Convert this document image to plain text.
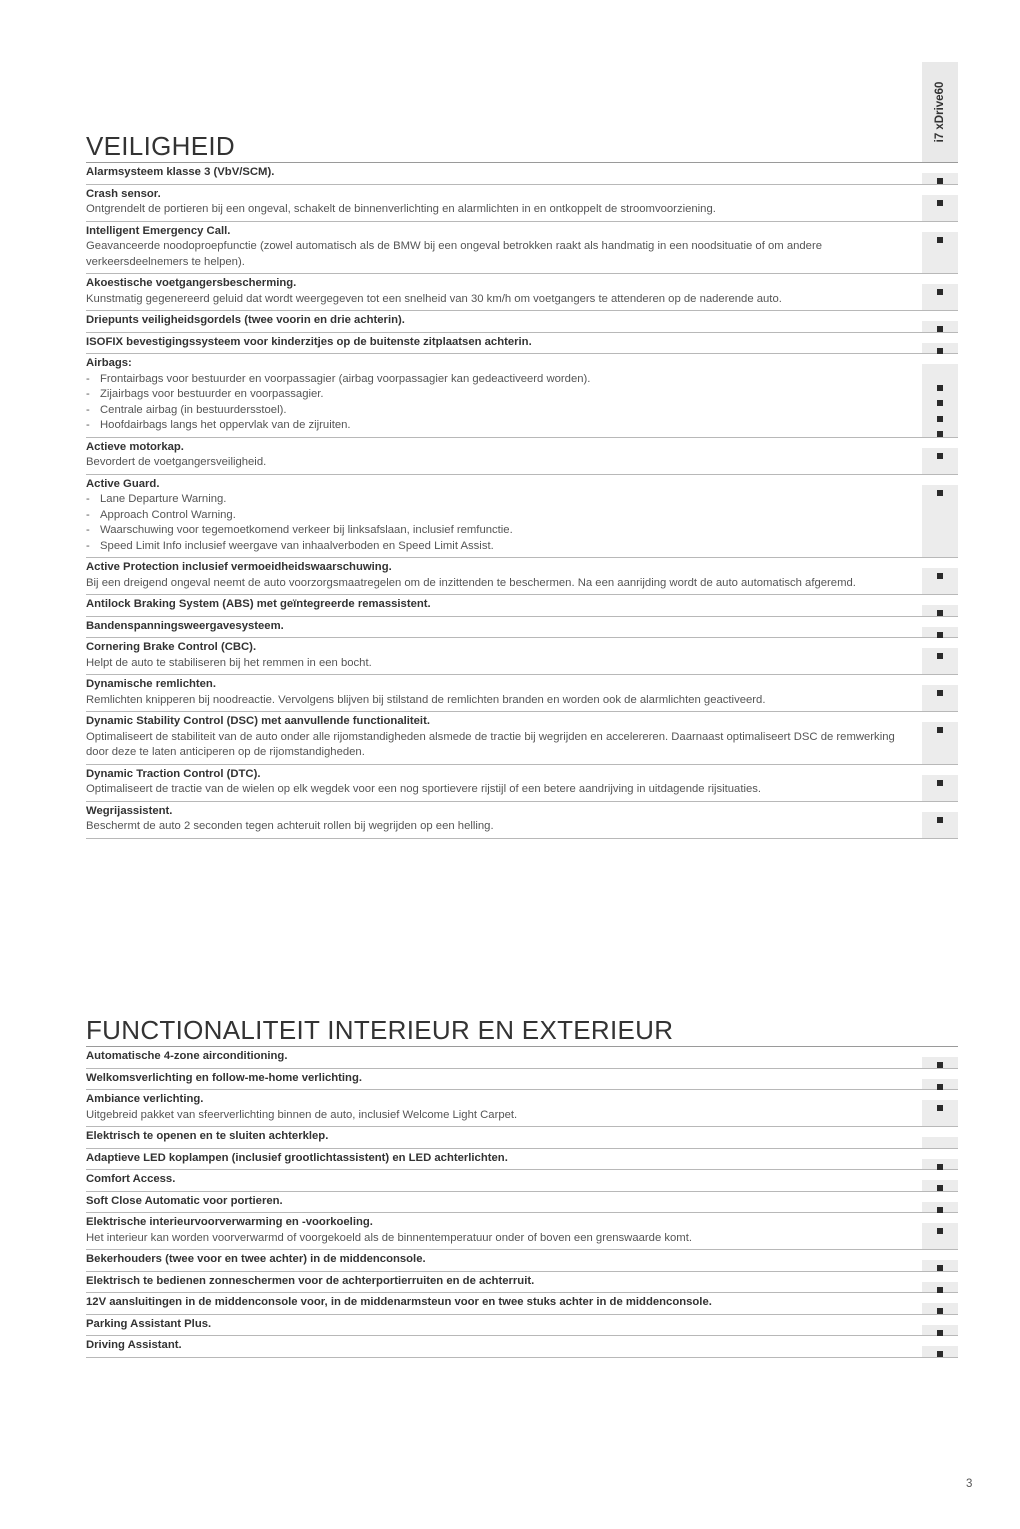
VEILIGHEID
i7 xDrive60
Alarmsysteem klasse 3 (VbV/SCM).
Crash sensor.
Ontgrendelt de portieren bij een ongeval, schakelt de binnenverlichting en alarmlichten in en ontkoppelt de stroomvoorziening.
Intelligent Emergency Call.
Geavanceerde noodoproepfunctie (zowel automatisch als de BMW bij een ongeval betrokken raakt als handmatig in een noodsituatie of om andere verkeersdeelnemers te helpen).
Akoestische voetgangersbescherming.
Kunstmatig gegenereerd geluid dat wordt weergegeven tot een snelheid van 30 km/h om voetgangers te attenderen op de naderende auto.
Driepunts veiligheidsgordels (twee voorin en drie achterin).
ISOFIX bevestigingssysteem voor kinderzitjes op de buitenste zitplaatsen achterin.
Airbags:
- Frontairbags voor bestuurder en voorpassagier (airbag voorpassagier kan gedeactiveerd worden).
- Zijairbags voor bestuurder en voorpassagier.
- Centrale airbag (in bestuurdersstoel).
- Hoofdairbags langs het oppervlak van de zijruiten.
Actieve motorkap.
Bevordert de voetgangersveiligheid.
Active Guard.
- Lane Departure Warning.
- Approach Control Warning.
- Waarschuwing voor tegemoetkomend verkeer bij linksafslaan, inclusief remfunctie.
- Speed Limit Info inclusief weergave van inhaalverboden en Speed Limit Assist.
Active Protection inclusief vermoeidheidswaarschuwing.
Bij een dreigend ongeval neemt de auto voorzorgsmaatregelen om de inzittenden te beschermen. Na een aanrijding wordt de auto automatisch afgeremd.
Antilock Braking System (ABS) met geïntegreerde remassistent.
Bandenspanningsweergavesysteem.
Cornering Brake Control (CBC).
Helpt de auto te stabiliseren bij het remmen in een bocht.
Dynamische remlichten.
Remlichten knipperen bij noodreactie. Vervolgens blijven bij stilstand de remlichten branden en worden ook de alarmlichten geactiveerd.
Dynamic Stability Control (DSC) met aanvullende functionaliteit.
Optimaliseert de stabiliteit van de auto onder alle rijomstandigheden alsmede de tractie bij wegrijden en accelereren. Daarnaast optimaliseert DSC de remwerking door deze te laten anticiperen op de rijomstandigheden.
Dynamic Traction Control (DTC).
Optimaliseert de tractie van de wielen op elk wegdek voor een nog sportievere rijstijl of een betere aandrijving in uitdagende rijsituaties.
Wegrijassistent.
Beschermt de auto 2 seconden tegen achteruit rollen bij wegrijden op een helling.
FUNCTIONALITEIT INTERIEUR EN EXTERIEUR
Automatische 4-zone airconditioning.
Welkomsverlichting en follow-me-home verlichting.
Ambiance verlichting.
Uitgebreid pakket van sfeerverlichting binnen de auto, inclusief Welcome Light Carpet.
Elektrisch te openen en te sluiten achterklep.
Adaptieve LED koplampen (inclusief grootlichtassistent) en LED achterlichten.
Comfort Access.
Soft Close Automatic voor portieren.
Elektrische interieurvoorverwarming en -voorkoeling.
Het interieur kan worden voorverwarmd of voorgekoeld als de binnentemperatuur onder of boven een grenswaarde komt.
Bekerhouders (twee voor en twee achter) in de middenconsole.
Elektrisch te bedienen zonneschermen voor de achterportierruiten en de achterruit.
12V aansluitingen in de middenconsole voor, in de middenarmsteun voor en twee stuks achter in de middenconsole.
Parking Assistant Plus.
Driving Assistant.
3
